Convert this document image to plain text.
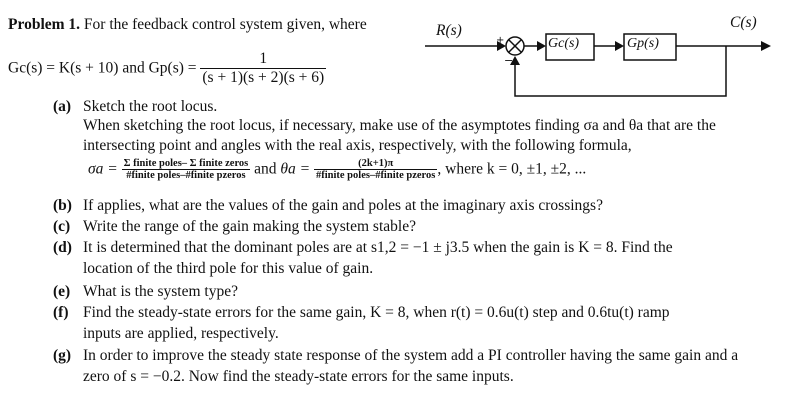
Problem 1. For the feedback control system given, where
Gc(s) = K(s + 10) and $Gp(s) = \frac{1}{(s + 1)(s + 2)(s + 6)}$
+
−
R(s)
Gc(s)	Gp(s)
C(s)
(a) Sketch the root locus.
When sketching the root locus, if necessary, make use of the asymptotes finding σa and θa that are the
intersecting point and angles with the real axis, respectively, with the following formula,
$\sigma a = \frac{\text{Σ finite poles– Σ finite zeros}}{\text{\#finite poles–\#finite pzeros}}$ and $\theta a = \frac{(2k+1)\pi}{\text{\#finite poles–\#finite pzeros}}$ , where k = 0, ±1, ±2, ...
(b) If applies, what are the values of the gain and poles at the imaginary axis crossings?
(c) Write the range of the gain making the system stable?
(d) It is determined that the dominant poles are at s1,2 = −1 ± j3.5 when the gain is K = 8. Find the
location of the third pole for this value of gain.
(e) What is the system type?
(f) Find the steady-state errors for the same gain, K = 8, when r(t) = 0.6u(t) step and 0.6tu(t) ramp
inputs are applied, respectively.
(g) In order to improve the steady state response of the system add a PI controller having the same gain and a
zero of s = −0.2. Now find the steady-state errors for the same inputs.
